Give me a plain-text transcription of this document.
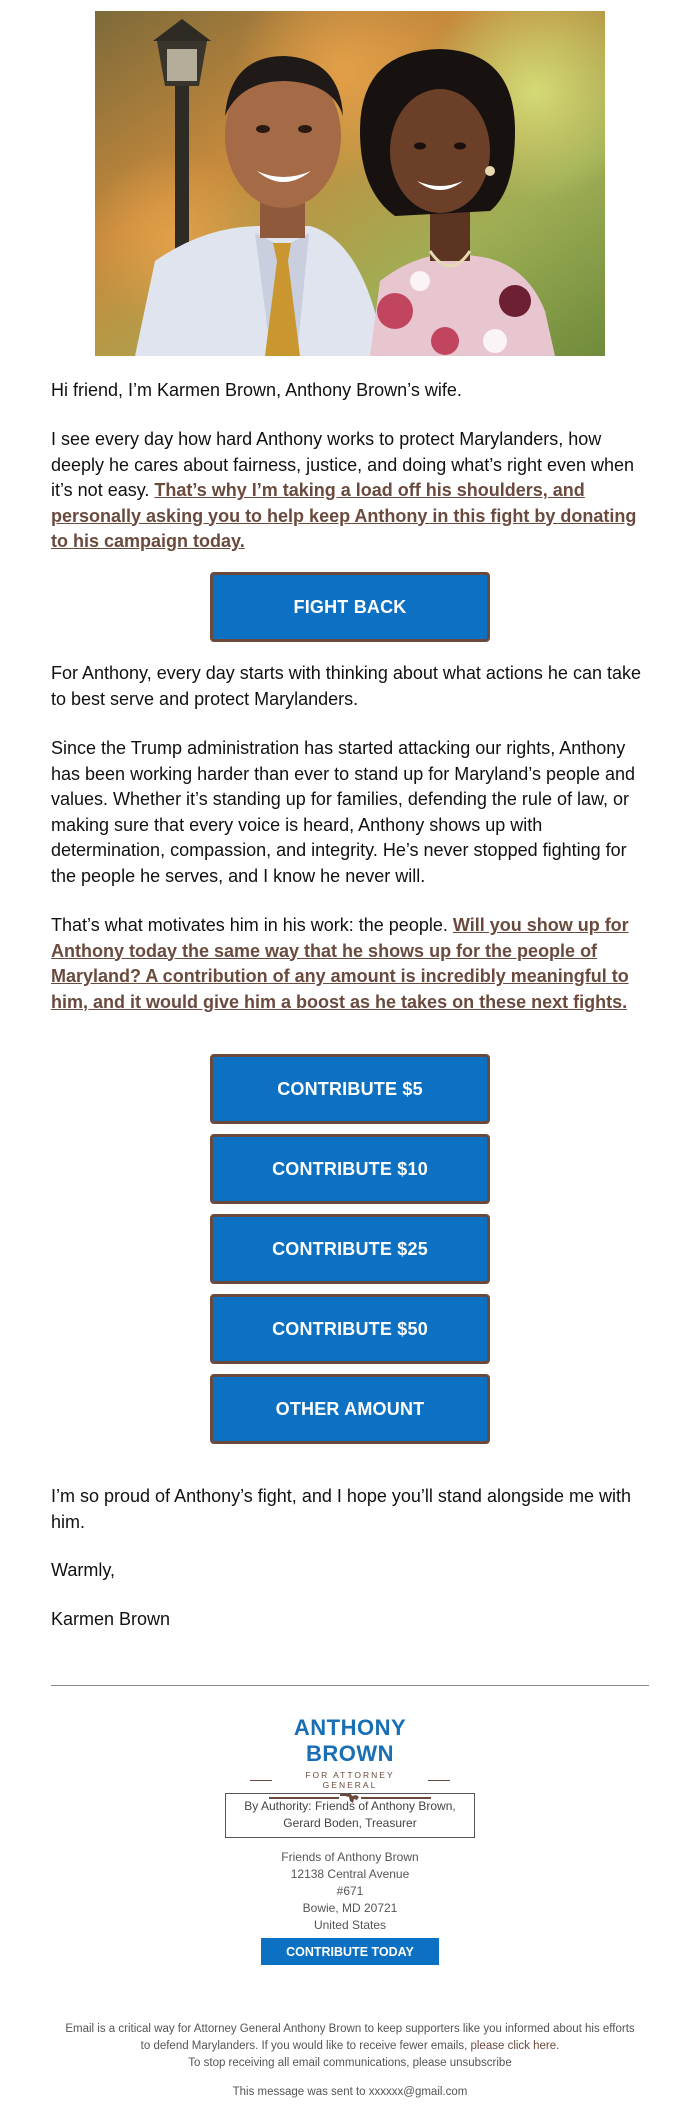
Hi friend, I’m Karmen Brown, Anthony Brown’s wife.

I see every day how hard Anthony works to protect Marylanders, how deeply he cares about fairness, justice, and doing what’s right even when it’s not easy. That’s why I’m taking a load off his shoulders, and personally asking you to help keep Anthony in this fight by donating to his campaign today.

FIGHT BACK

For Anthony, every day starts with thinking about what actions he can take to best serve and protect Marylanders.

Since the Trump administration has started attacking our rights, Anthony has been working harder than ever to stand up for Maryland’s people and values. Whether it’s standing up for families, defending the rule of law, or making sure that every voice is heard, Anthony shows up with determination, compassion, and integrity. He’s never stopped fighting for the people he serves, and I know he never will.

That’s what motivates him in his work: the people. Will you show up for Anthony today the same way that he shows up for the people of Maryland? A contribution of any amount is incredibly meaningful to him, and it would give him a boost as he takes on these next fights.

CONTRIBUTE $5
CONTRIBUTE $10
CONTRIBUTE $25
CONTRIBUTE $50
OTHER AMOUNT

I’m so proud of Anthony’s fight, and I hope you’ll stand alongside me with him.

Warmly,

Karmen Brown

ANTHONY BROWN
FOR ATTORNEY GENERAL
By Authority: Friends of Anthony Brown, Gerard Boden, Treasurer
Friends of Anthony Brown
12138 Central Avenue
#671
Bowie, MD 20721
United States
CONTRIBUTE TODAY
Email is a critical way for Attorney General Anthony Brown to keep supporters like you informed about his efforts to defend Marylanders. If you would like to receive fewer emails, please click here.
To stop receiving all email communications, please unsubscribe
This message was sent to xxxxxx@gmail.com
